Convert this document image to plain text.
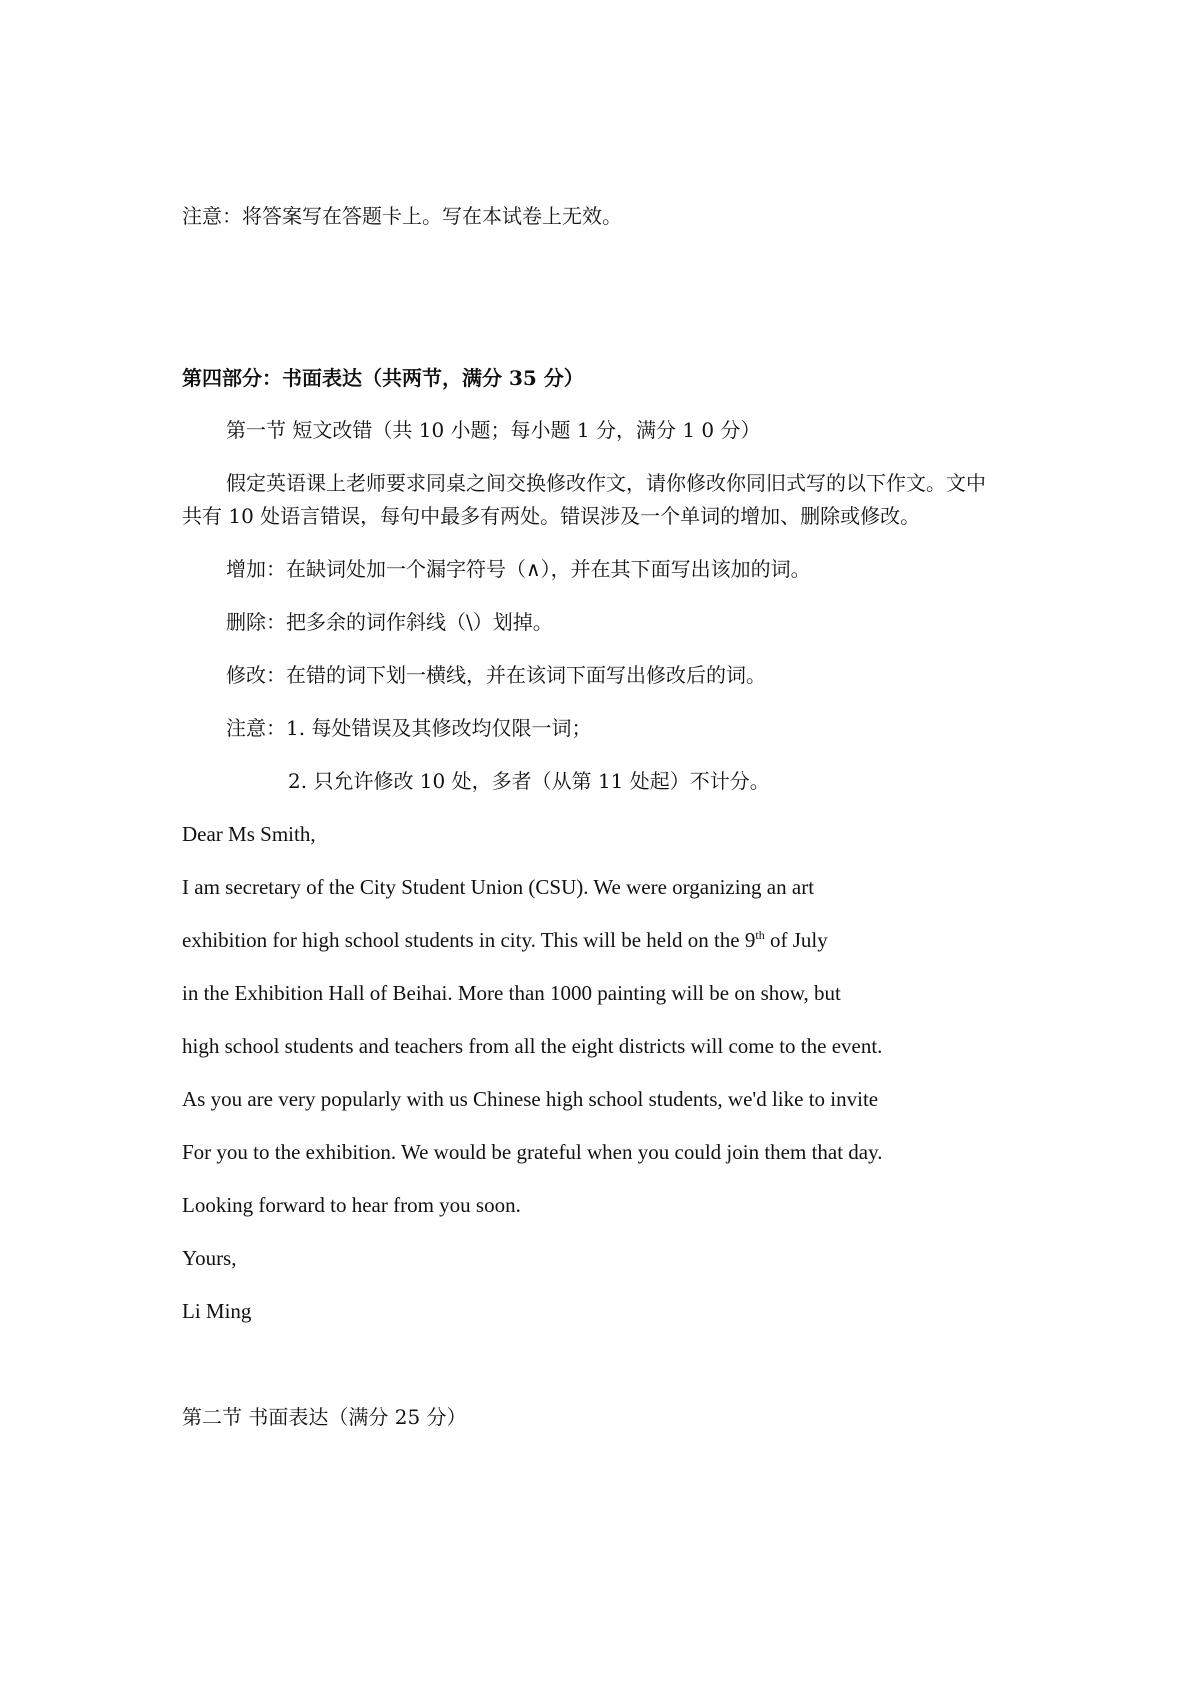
注意：将答案写在答题卡上。写在本试卷上无效。
第四部分：书面表达（共两节，满分 35 分）
第一节 短文改错（共 10 小题；每小题 1 分，满分 1 0 分）
假定英语课上老师要求同桌之间交换修改作文，请你修改你同旧式写的以下作文。文中
共有 10 处语言错误，每句中最多有两处。错误涉及一个单词的增加、删除或修改。
增加：在缺词处加一个漏字符号（∧），并在其下面写出该加的词。
删除：把多余的词作斜线（\）划掉。
修改：在错的词下划一横线，并在该词下面写出修改后的词。
注意：1. 每处错误及其修改均仅限一词；
2. 只允许修改 10 处，多者（从第 11 处起）不计分。
Dear Ms Smith,
I am secretary of the City Student Union (CSU). We were organizing an art
exhibition for high school students in city. This will be held on the 9th of July
in the Exhibition Hall of Beihai. More than 1000 painting will be on show, but
high school students and teachers from all the eight districts will come to the event.
As you are very popularly with us Chinese high school students, we'd like to invite
For you to the exhibition. We would be grateful when you could join them that day.
Looking forward to hear from you soon.
Yours,
Li Ming
第二节 书面表达（满分 25 分）
